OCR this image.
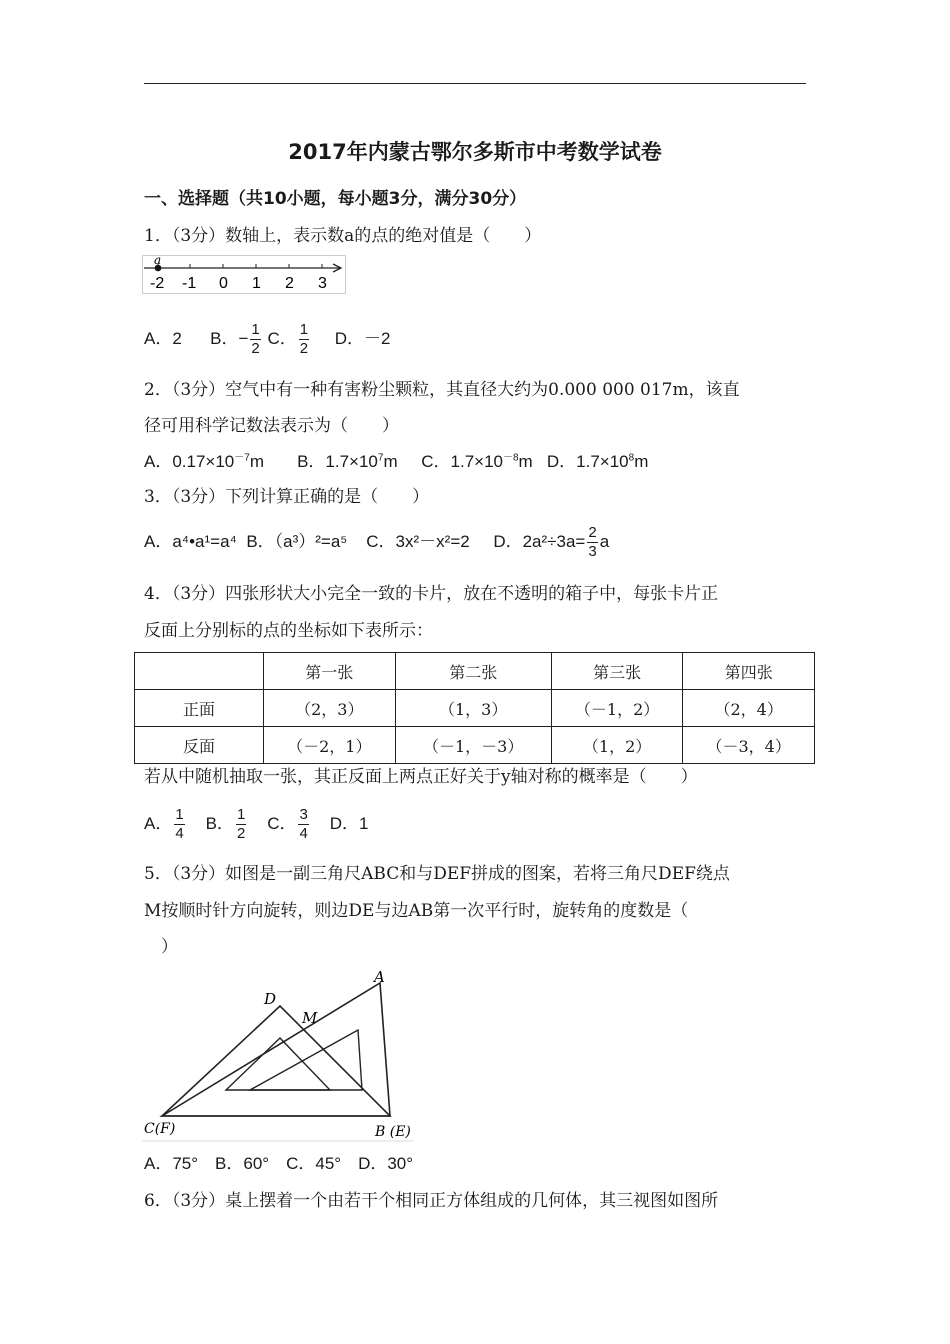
2017年内蒙古鄂尔多斯市中考数学试卷
一、选择题（共10小题，每小题3分，满分30分）
1．（3分）数轴上，表示数a的点的绝对值是（　　）
a
-2 -1 0 1 2 3
A．2 B．− $\frac{1}{2}$ C． $\frac{1}{2}$ D．－2
2．（3分）空气中有一种有害粉尘颗粒，其直径大约为0.000 000 017m，该直
径可用科学记数法表示为（　　）
A．$0.17\times 10^{-7}m$ B．$1.7\times 10^7m$ C．$1.7\times 10^{-8}m$ D．$1.7\times 10^8m$
3．（3分）下列计算正确的是（　　）
A．a⁴•a¹=a⁴ B．（a³）²=a⁵ C．3x²－x²=2 D．$2a^2\div 3a= \frac{2}{3}$ a
4．（3分）四张形状大小完全一致的卡片，放在不透明的箱子中，每张卡片正
反面上分别标的点的坐标如下表所示：
	第一张	第二张	第三张	第四张
正面	（2，3）	（1，3）	（－1，2）	（2，4）
反面	（－2，1）	（－1，－3）	（1，2）	（－3，4）
若从中随机抽取一张，其正反面上两点正好关于y轴对称的概率是（　　）
A． $\frac{1}{4}$ B． $\frac{1}{2}$ C． $\frac{3}{4}$ D．1
5．（3分）如图是一副三角尺ABC和与DEF拼成的图案，若将三角尺DEF绕点
M按顺时针方向旋转，则边DE与边AB第一次平行时，旋转角的度数是（
　）
A
D
M
C(F)	B (E)
A．75°　B．60°　C．45°　D．30°
6．（3分）桌上摆着一个由若干个相同正方体组成的几何体，其三视图如图所
